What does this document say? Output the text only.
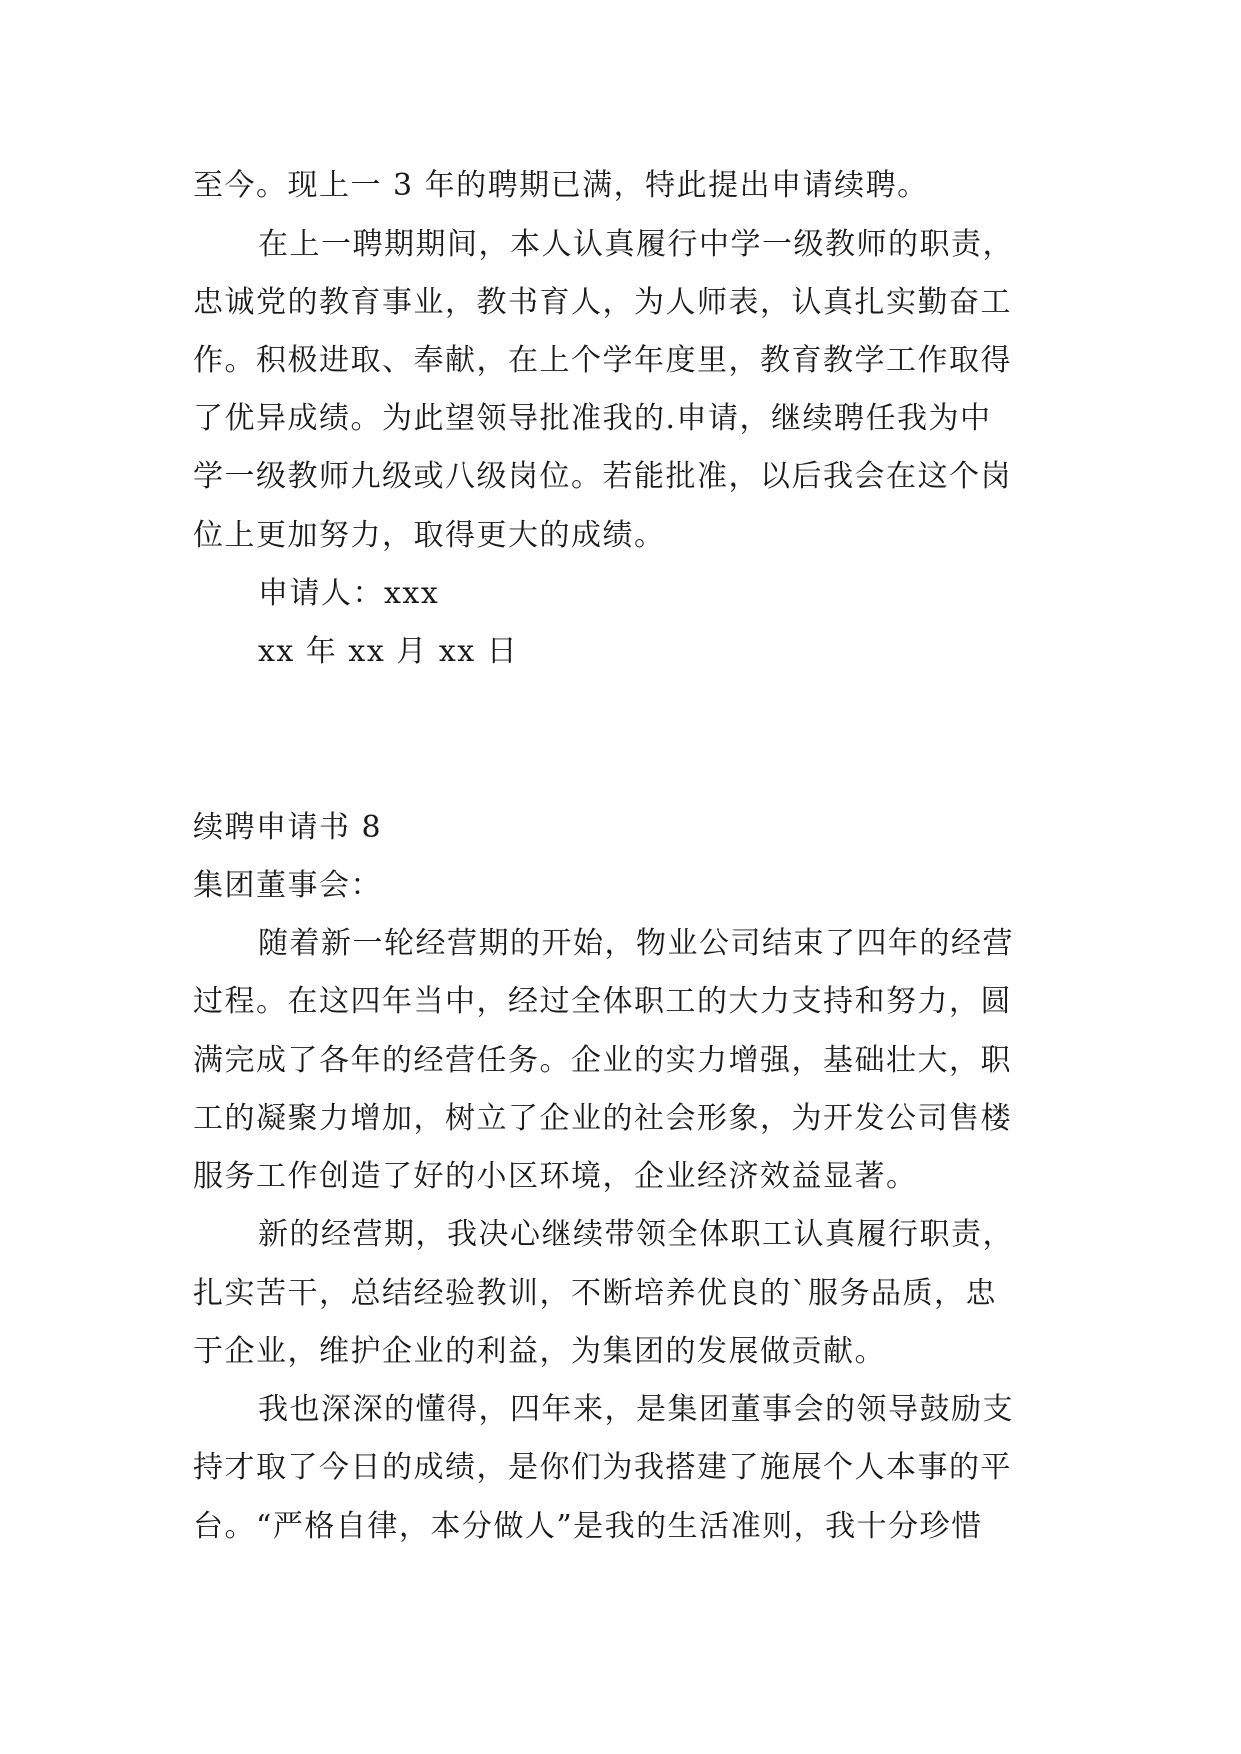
至今。现上一 3 年的聘期已满，特此提出申请续聘。
在上一聘期期间，本人认真履行中学一级教师的职责，
忠诚党的教育事业，教书育人，为人师表，认真扎实勤奋工
作。积极进取、奉献，在上个学年度里，教育教学工作取得
了优异成绩。为此望领导批准我的.申请，继续聘任我为中
学一级教师九级或八级岗位。若能批准，以后我会在这个岗
位上更加努力，取得更大的成绩。
申请人：xxx
xx 年 xx 月 xx 日
续聘申请书 8
集团董事会：
随着新一轮经营期的开始，物业公司结束了四年的经营
过程。在这四年当中，经过全体职工的大力支持和努力，圆
满完成了各年的经营任务。企业的实力增强，基础壮大，职
工的凝聚力增加，树立了企业的社会形象，为开发公司售楼
服务工作创造了好的小区环境，企业经济效益显著。
新的经营期，我决心继续带领全体职工认真履行职责，
扎实苦干，总结经验教训，不断培养优良的`服务品质，忠
于企业，维护企业的利益，为集团的发展做贡献。
我也深深的懂得，四年来，是集团董事会的领导鼓励支
持才取了今日的成绩，是你们为我搭建了施展个人本事的平
台。“严格自律，本分做人”是我的生活准则，我十分珍惜
